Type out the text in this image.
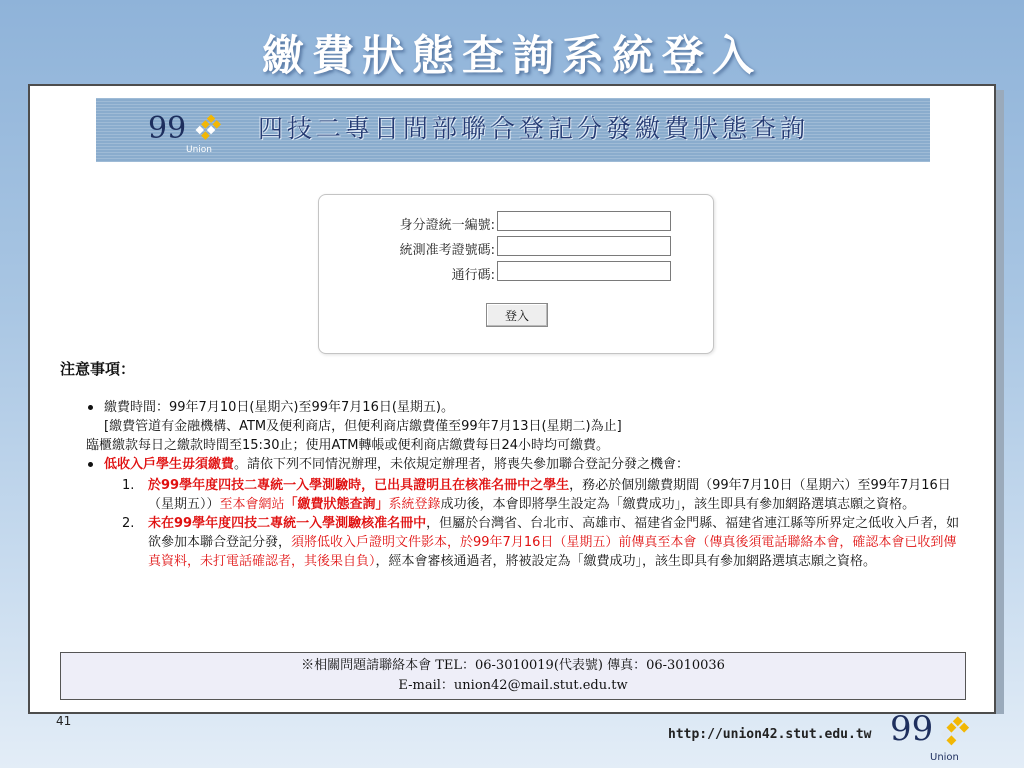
繳費狀態查詢系統登入
99
Union
四技二專日間部聯合登記分發繳費狀態查詢
身分證統一編號:
統測准考證號碼:
通行碼:
登入
注意事項：
繳費時間：99年7月10日(星期六)至99年7月16日(星期五)。
[繳費管道有金融機構、ATM及便利商店，但便利商店繳費僅至99年7月13日(星期二)為止]
臨櫃繳款每日之繳款時間至15:30止；使用ATM轉帳或便利商店繳費每日24小時均可繳費。
低收入戶學生毋須繳費。請依下列不同情況辦理，未依規定辦理者，將喪失參加聯合登記分發之機會：
1. 於99學年度四技二專統一入學測驗時，已出具證明且在核准名冊中之學生，務必於個別繳費期間（99年7月10日（星期六）至99年7月16日（星期五））至本會網站「繳費狀態查詢」系統登錄成功後，本會即將學生設定為「繳費成功」，該生即具有參加網路選填志願之資格。
2. 未在99學年度四技二專統一入學測驗核准名冊中，但屬於台灣省、台北市、高雄市、福建省金門縣、福建省連江縣等所界定之低收入戶者，如欲參加本聯合登記分發，須將低收入戶證明文件影本，於99年7月16日（星期五）前傳真至本會（傳真後須電話聯絡本會，確認本會已收到傳真資料，未打電話確認者，其後果自負），經本會審核通過者，將被設定為「繳費成功」，該生即具有參加網路選填志願之資格。
※相關問題請聯絡本會 TEL：06-3010019(代表號) 傳真：06-3010036
E-mail：union42@mail.stut.edu.tw
41
http://union42.stut.edu.tw 99
Union
